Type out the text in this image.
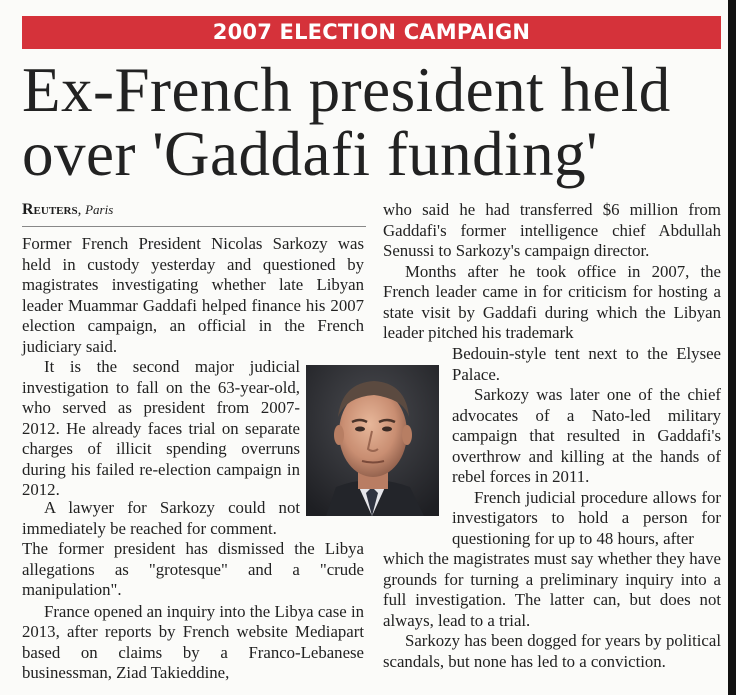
2007 ELECTION CAMPAIGN
Ex-French president held
over 'Gaddafi funding'
Reuters, Paris

Former French President Nicolas Sarkozy was held in custody yesterday and questioned by magistrates investigating whether late Libyan leader Muammar Gaddafi helped finance his 2007 election campaign, an official in the French judiciary said.

It is the second major judicial investigation to fall on the 63-year-old, who served as president from 2007-2012. He already faces trial on separate charges of illicit spending overruns during his failed re-election campaign in 2012.

A lawyer for Sarkozy could not immediately be reached for comment.

The former president has dismissed the Libya allegations as "grotesque" and a "crude manipulation".

France opened an inquiry into the Libya case in 2013, after reports by French website Mediapart based on claims by a Franco-Lebanese businessman, Ziad Takieddine,

who said he had transferred $6 million from Gaddafi's former intelligence chief Abdullah Senussi to Sarkozy's campaign director.

Months after he took office in 2007, the French leader came in for criticism for hosting a state visit by Gaddafi during which the Libyan leader pitched his trademark

Bedouin-style tent next to the Elysee Palace.

Sarkozy was later one of the chief advocates of a Nato-led military campaign that resulted in Gaddafi's overthrow and killing at the hands of rebel forces in 2011.

French judicial procedure allows for investigators to hold a person for questioning for up to 48 hours, after

which the magistrates must say whether they have grounds for turning a preliminary inquiry into a full investigation. The latter can, but does not always, lead to a trial.

Sarkozy has been dogged for years by political scandals, but none has led to a conviction.
